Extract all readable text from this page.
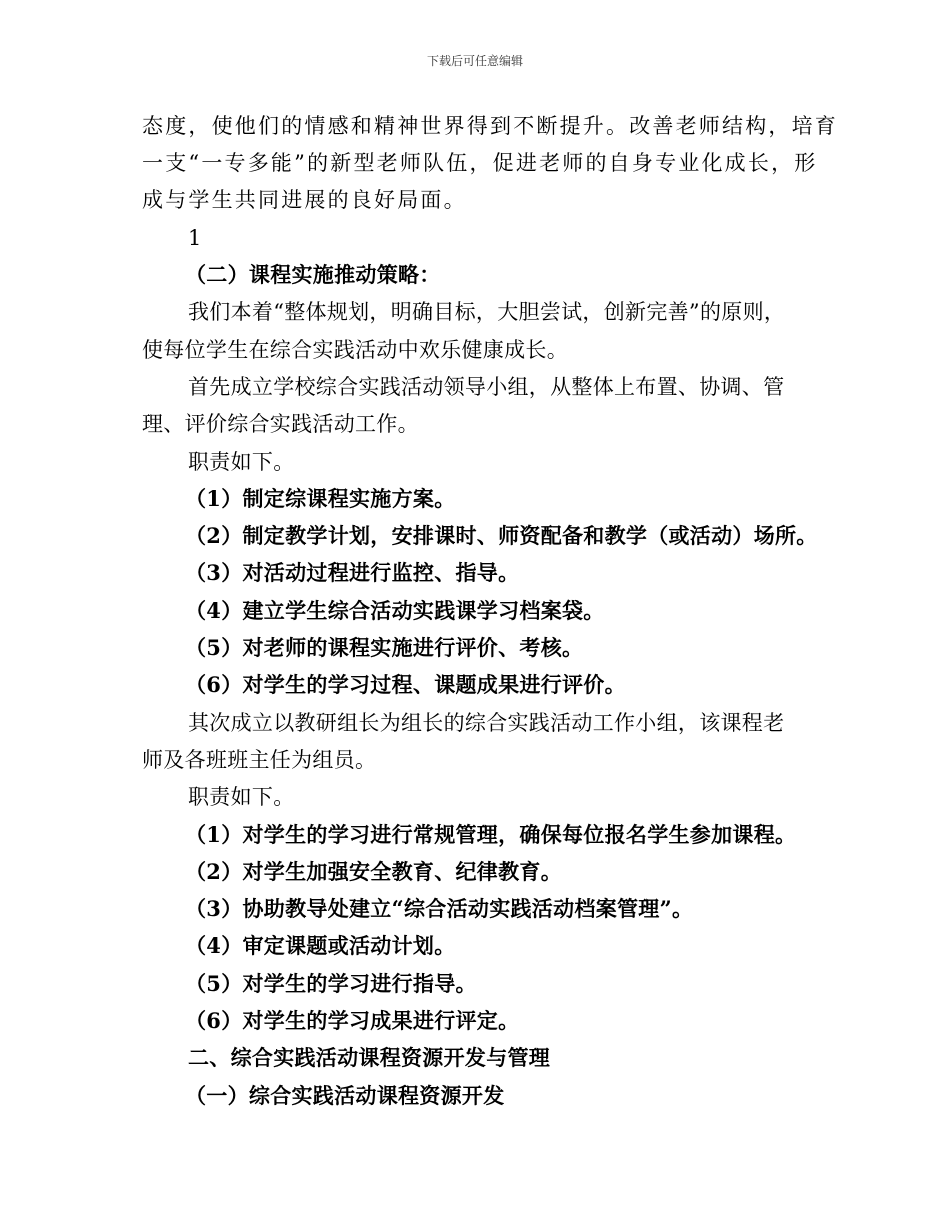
下载后可任意编辑
态度，使他们的情感和精神世界得到不断提升。改善老师结构，培育
一支“一专多能”的新型老师队伍，促进老师的自身专业化成长，形
成与学生共同进展的良好局面。
1
（二）课程实施推动策略：
我们本着“整体规划，明确目标，大胆尝试，创新完善”的原则，
使每位学生在综合实践活动中欢乐健康成长。
首先成立学校综合实践活动领导小组，从整体上布置、协调、管
理、评价综合实践活动工作。
职责如下。
（1）制定综课程实施方案。
（2）制定教学计划，安排课时、师资配备和教学（或活动）场所。
（3）对活动过程进行监控、指导。
（4）建立学生综合活动实践课学习档案袋。
（5）对老师的课程实施进行评价、考核。
（6）对学生的学习过程、课题成果进行评价。
其次成立以教研组长为组长的综合实践活动工作小组，该课程老
师及各班班主任为组员。
职责如下。
（1）对学生的学习进行常规管理，确保每位报名学生参加课程。
（2）对学生加强安全教育、纪律教育。
（3）协助教导处建立“综合活动实践活动档案管理”。
（4）审定课题或活动计划。
（5）对学生的学习进行指导。
（6）对学生的学习成果进行评定。
二、综合实践活动课程资源开发与管理
（一）综合实践活动课程资源开发
